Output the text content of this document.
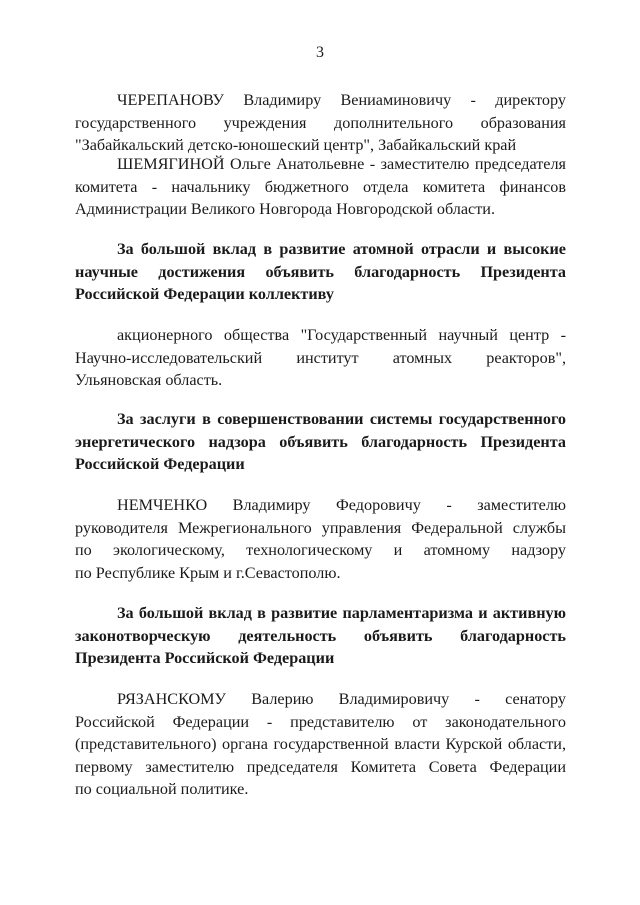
3
ЧЕРЕПАНОВУ Владимиру Вениаминовичу - директору
государственного учреждения дополнительного образования
"Забайкальский детско-юношеский центр", Забайкальский край
ШЕМЯГИНОЙ Ольге Анатольевне - заместителю председателя
комитета - начальнику бюджетного отдела комитета финансов
Администрации Великого Новгорода Новгородской области.
За большой вклад в развитие атомной отрасли и высокие
научные достижения объявить благодарность Президента
Российской Федерации коллективу
акционерного общества "Государственный научный центр -
Научно-исследовательский институт атомных реакторов",
Ульяновская область.
За заслуги в совершенствовании системы государственного
энергетического надзора объявить благодарность Президента
Российской Федерации
НЕМЧЕНКО Владимиру Федоровичу - заместителю
руководителя Межрегионального управления Федеральной службы
по экологическому, технологическому и атомному надзору
по Республике Крым и г.Севастополю.
За большой вклад в развитие парламентаризма и активную
законотворческую деятельность объявить благодарность
Президента Российской Федерации
РЯЗАНСКОМУ Валерию Владимировичу - сенатору
Российской Федерации - представителю от законодательного
(представительного) органа государственной власти Курской области,
первому заместителю председателя Комитета Совета Федерации
по социальной политике.
